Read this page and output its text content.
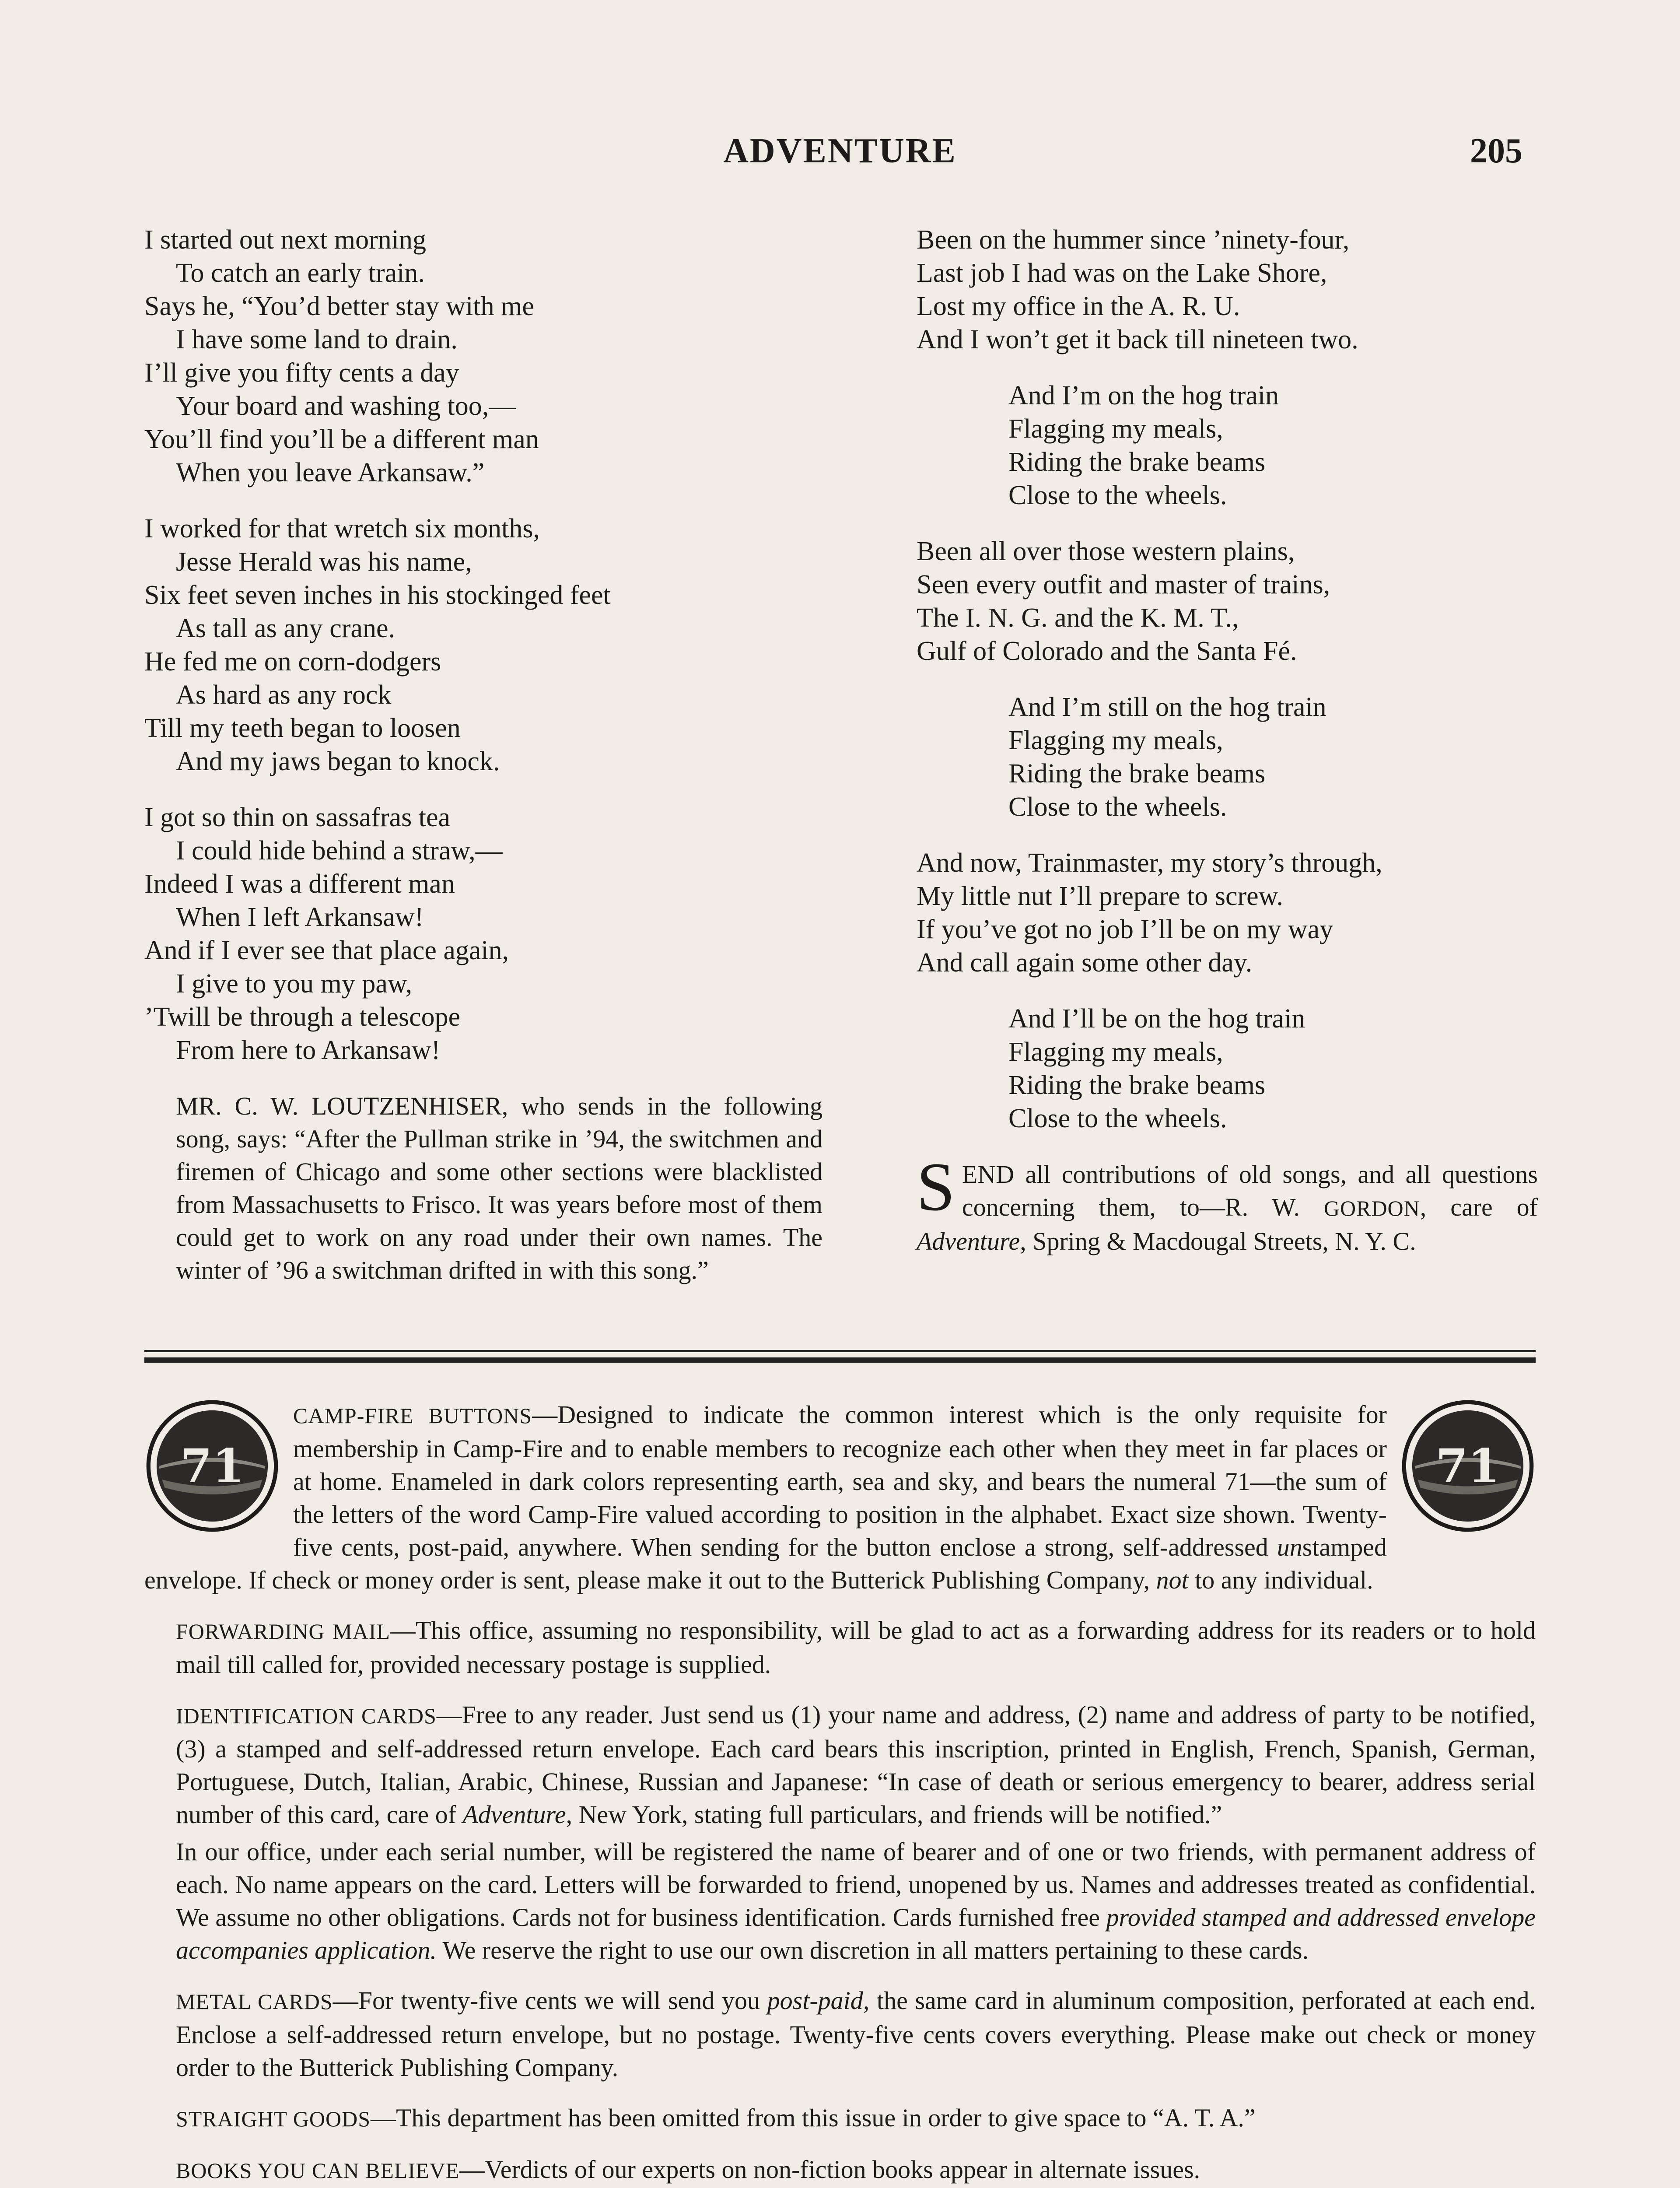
ADVENTURE	205
I started out next morning
To catch an early train.
Says he, “You’d better stay with me
I have some land to drain.
I’ll give you fifty cents a day
Your board and washing too,—
You’ll find you’ll be a different man
When you leave Arkansaw.”
I worked for that wretch six months,
Jesse Herald was his name,
Six feet seven inches in his stockinged feet
As tall as any crane.
He fed me on corn-dodgers
As hard as any rock
Till my teeth began to loosen
And my jaws began to knock.
I got so thin on sassafras tea
I could hide behind a straw,—
Indeed I was a different man
When I left Arkansaw!
And if I ever see that place again,
I give to you my paw,
’Twill be through a telescope
From here to Arkansaw!
MR. C. W. LOUTZENHISER, who sends in the following song, says: “After the Pullman strike in ’94, the switchmen and firemen of Chicago and some other sections were blacklisted from Massachusetts to Frisco. It was years before most of them could get to work on any road under their own names. The winter of ’96 a switchman drifted in with this song.”
Been on the hummer since ’ninety-four,
Last job I had was on the Lake Shore,
Lost my office in the A. R. U.
And I won’t get it back till nineteen two.
And I’m on the hog train
Flagging my meals,
Riding the brake beams
Close to the wheels.
Been all over those western plains,
Seen every outfit and master of trains,
The I. N. G. and the K. M. T.,
Gulf of Colorado and the Santa Fé.
And I’m still on the hog train
Flagging my meals,
Riding the brake beams
Close to the wheels.
And now, Trainmaster, my story’s through,
My little nut I’ll prepare to screw.
If you’ve got no job I’ll be on my way
And call again some other day.
And I’ll be on the hog train
Flagging my meals,
Riding the brake beams
Close to the wheels.
SEND all contributions of old songs, and all questions concerning them, to—R. W. GORDON, care of Adventure, Spring & Macdougal Streets, N. Y. C.
71	71
CAMP-FIRE BUTTONS—Designed to indicate the common interest which is the only requisite for membership in Camp-Fire and to enable members to recognize each other when they meet in far places or at home. Enameled in dark colors representing earth, sea and sky, and bears the numeral 71—the sum of the letters of the word Camp-Fire valued according to position in the alphabet. Exact size shown. Twenty-five cents, post-paid, anywhere. When sending for the button enclose a strong, self-addressed unstamped envelope. If check or money order is sent, please make it out to the Butterick Publishing Company, not to any individual.
FORWARDING MAIL—This office, assuming no responsibility, will be glad to act as a forwarding address for its readers or to hold mail till called for, provided necessary postage is supplied.
IDENTIFICATION CARDS—Free to any reader. Just send us (1) your name and address, (2) name and address of party to be notified, (3) a stamped and self-addressed return envelope. Each card bears this inscription, printed in English, French, Spanish, German, Portuguese, Dutch, Italian, Arabic, Chinese, Russian and Japanese: “In case of death or serious emergency to bearer, address serial number of this card, care of Adventure, New York, stating full particulars, and friends will be notified.”
In our office, under each serial number, will be registered the name of bearer and of one or two friends, with permanent address of each. No name appears on the card. Letters will be forwarded to friend, unopened by us. Names and addresses treated as confidential. We assume no other obligations. Cards not for business identification. Cards furnished free provided stamped and addressed envelope accompanies application. We reserve the right to use our own discretion in all matters pertaining to these cards.
METAL CARDS—For twenty-five cents we will send you post-paid, the same card in aluminum composition, perforated at each end. Enclose a self-addressed return envelope, but no postage. Twenty-five cents covers everything. Please make out check or money order to the Butterick Publishing Company.
STRAIGHT GOODS—This department has been omitted from this issue in order to give space to “A. T. A.”
BOOKS YOU CAN BELIEVE—Verdicts of our experts on non-fiction books appear in alternate issues.
